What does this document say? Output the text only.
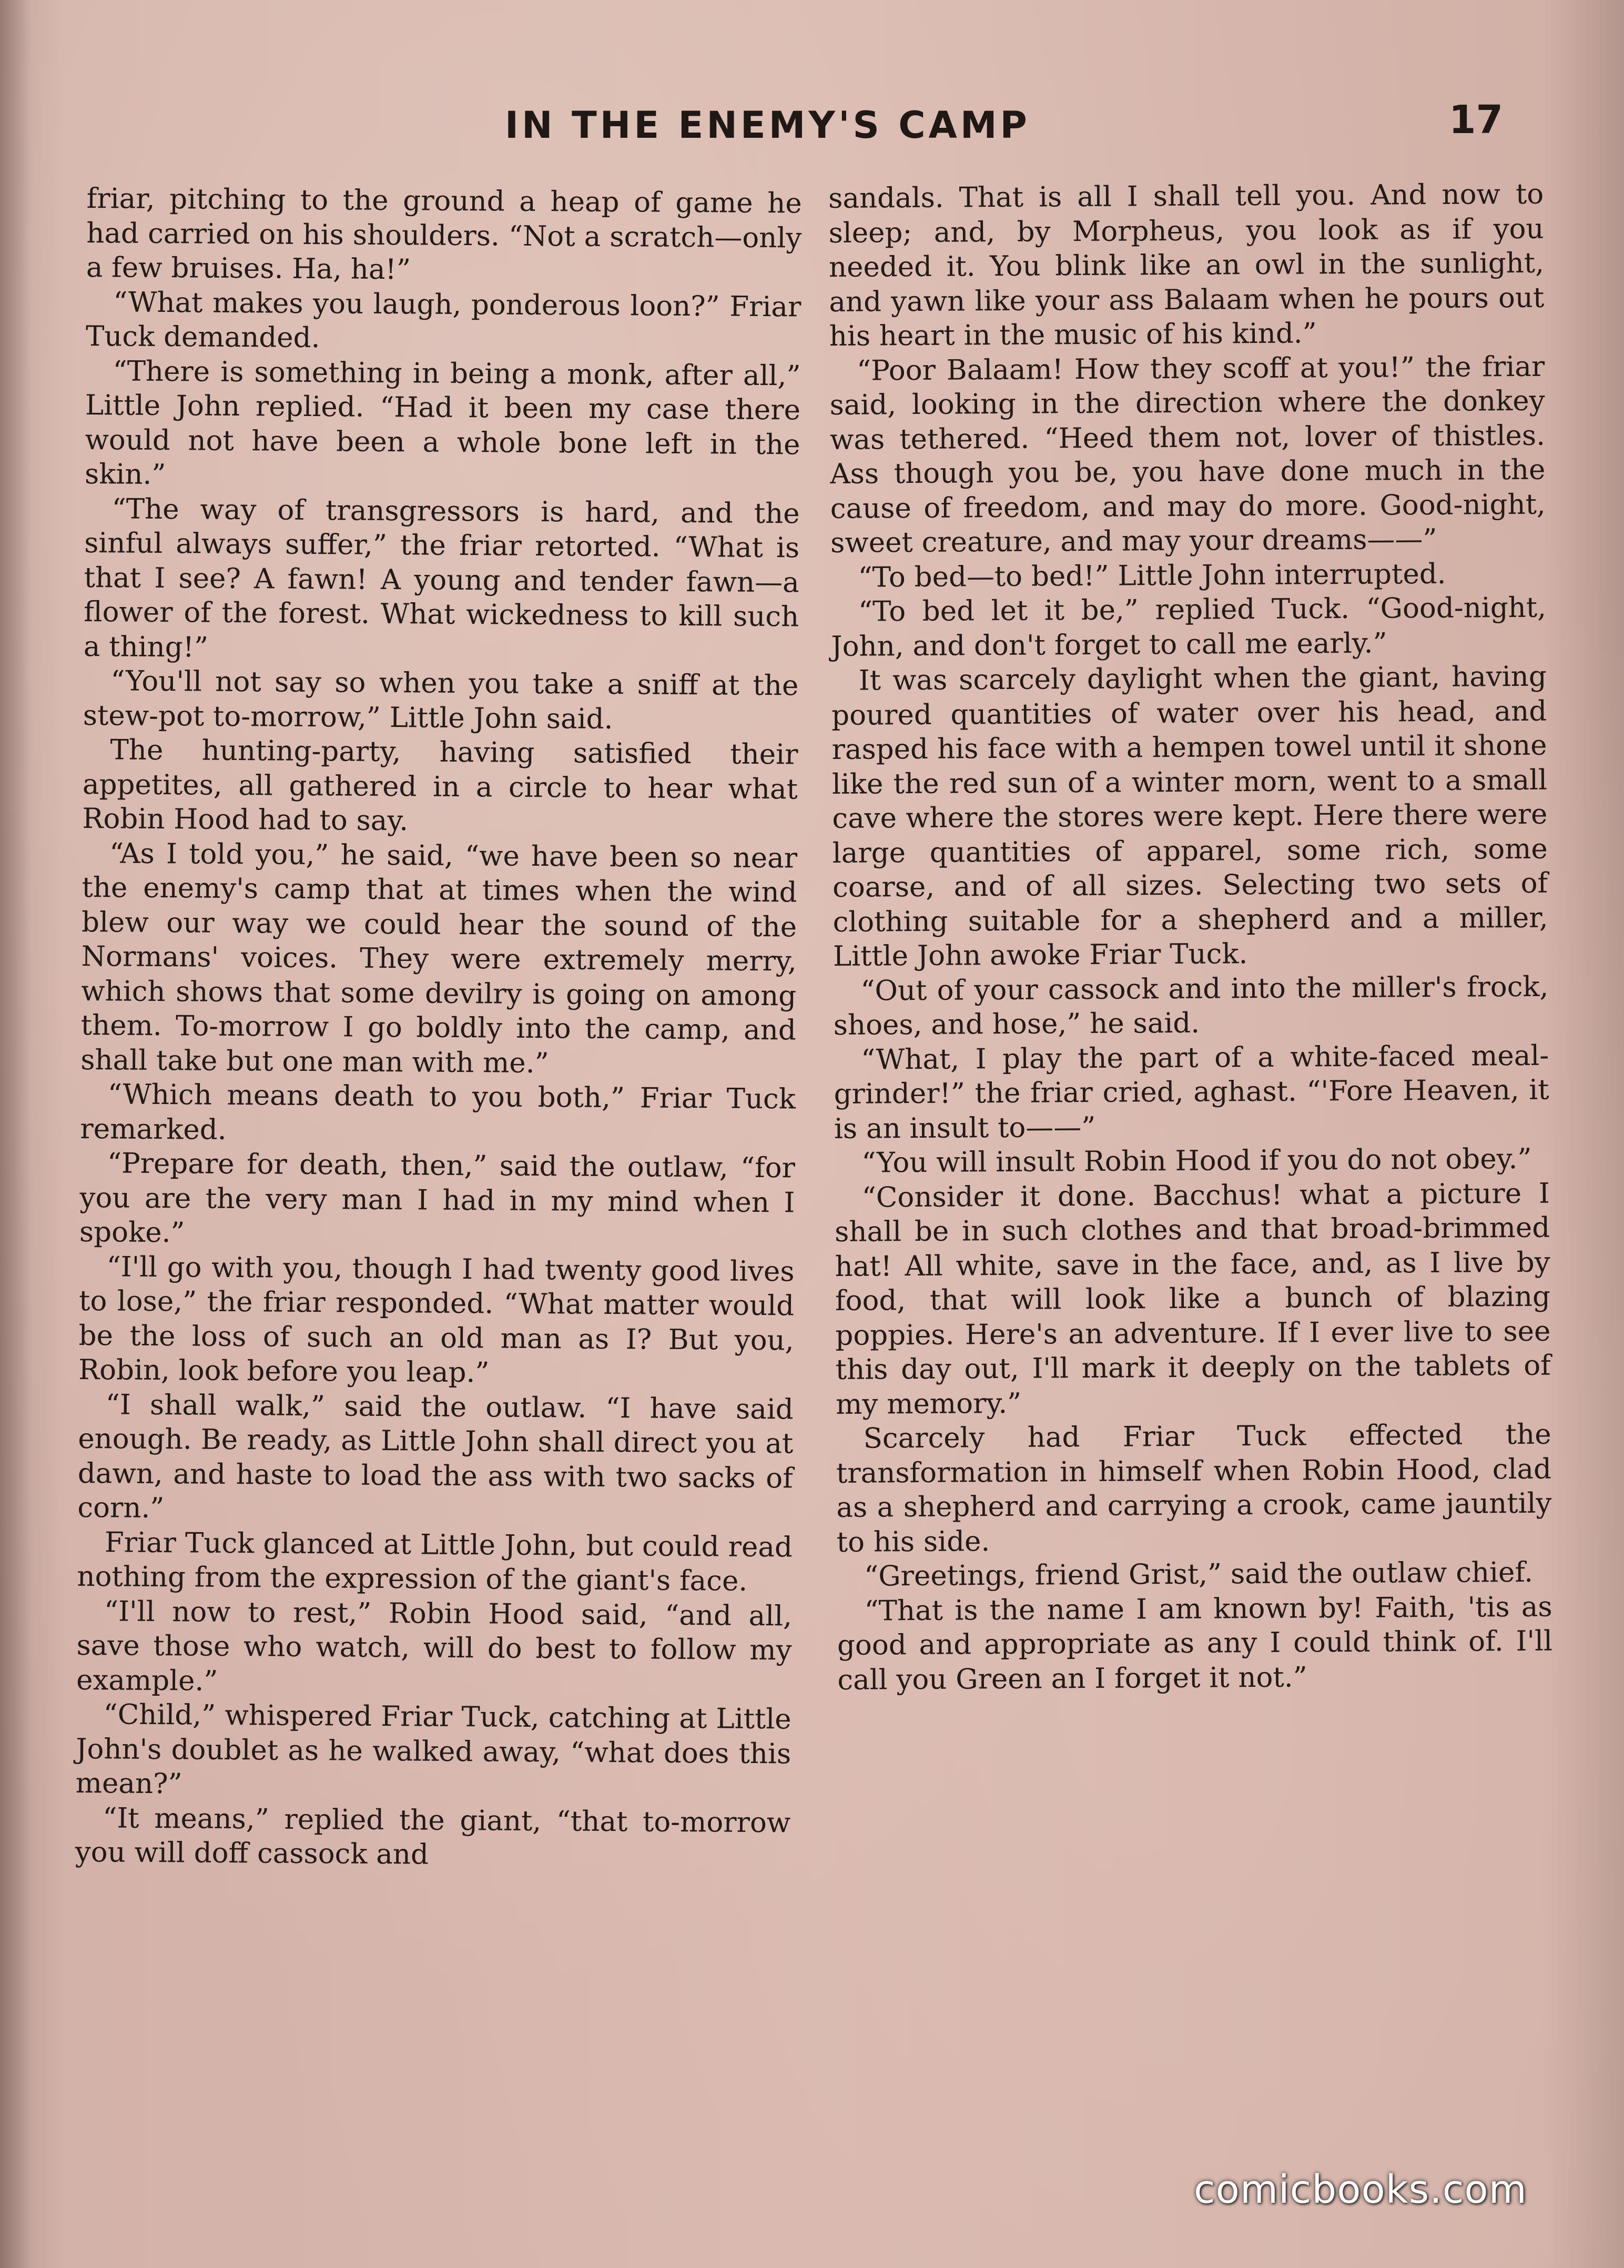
IN THE ENEMY'S CAMP	17

friar, pitching to the ground a heap of game he had carried on his shoulders. “Not a scratch—only a few bruises. Ha, ha!”

“What makes you laugh, ponderous loon?” Friar Tuck demanded.

“There is something in being a monk, after all,” Little John replied. “Had it been my case there would not have been a whole bone left in the skin.”

“The way of transgressors is hard, and the sinful always suffer,” the friar retorted. “What is that I see? A fawn! A young and tender fawn—a flower of the forest. What wickedness to kill such a thing!”

“You'll not say so when you take a sniff at the stew-pot to-morrow,” Little John said.

The hunting-party, having satisfied their appetites, all gathered in a circle to hear what Robin Hood had to say.

“As I told you,” he said, “we have been so near the enemy's camp that at times when the wind blew our way we could hear the sound of the Normans' voices. They were extremely merry, which shows that some devilry is going on among them. To-morrow I go boldly into the camp, and shall take but one man with me.”

“Which means death to you both,” Friar Tuck remarked.

“Prepare for death, then,” said the outlaw, “for you are the very man I had in my mind when I spoke.”

“I'll go with you, though I had twenty good lives to lose,” the friar responded. “What matter would be the loss of such an old man as I? But you, Robin, look before you leap.”

“I shall walk,” said the outlaw. “I have said enough. Be ready, as Little John shall direct you at dawn, and haste to load the ass with two sacks of corn.”

Friar Tuck glanced at Little John, but could read nothing from the expression of the giant's face.

“I'll now to rest,” Robin Hood said, “and all, save those who watch, will do best to follow my example.”

“Child,” whispered Friar Tuck, catching at Little John's doublet as he walked away, “what does this mean?”

“It means,” replied the giant, “that to-morrow you will doff cassock and

sandals. That is all I shall tell you. And now to sleep; and, by Morpheus, you look as if you needed it. You blink like an owl in the sunlight, and yawn like your ass Balaam when he pours out his heart in the music of his kind.”

“Poor Balaam! How they scoff at you!” the friar said, looking in the direction where the donkey was tethered. “Heed them not, lover of thistles. Ass though you be, you have done much in the cause of freedom, and may do more. Good-night, sweet creature, and may your dreams——”

“To bed—to bed!” Little John interrupted.

“To bed let it be,” replied Tuck. “Good-night, John, and don't forget to call me early.”

It was scarcely daylight when the giant, having poured quantities of water over his head, and rasped his face with a hempen towel until it shone like the red sun of a winter morn, went to a small cave where the stores were kept. Here there were large quantities of apparel, some rich, some coarse, and of all sizes. Selecting two sets of clothing suitable for a shepherd and a miller, Little John awoke Friar Tuck.

“Out of your cassock and into the miller's frock, shoes, and hose,” he said.

“What, I play the part of a white-faced meal-grinder!” the friar cried, aghast. “'Fore Heaven, it is an insult to——”

“You will insult Robin Hood if you do not obey.”

“Consider it done. Bacchus! what a picture I shall be in such clothes and that broad-brimmed hat! All white, save in the face, and, as I live by food, that will look like a bunch of blazing poppies. Here's an adventure. If I ever live to see this day out, I'll mark it deeply on the tablets of my memory.”

Scarcely had Friar Tuck effected the transformation in himself when Robin Hood, clad as a shepherd and carrying a crook, came jauntily to his side.

“Greetings, friend Grist,” said the outlaw chief.

“That is the name I am known by! Faith, 'tis as good and appropriate as any I could think of. I'll call you Green an I forget it not.”

comicbooks.com
